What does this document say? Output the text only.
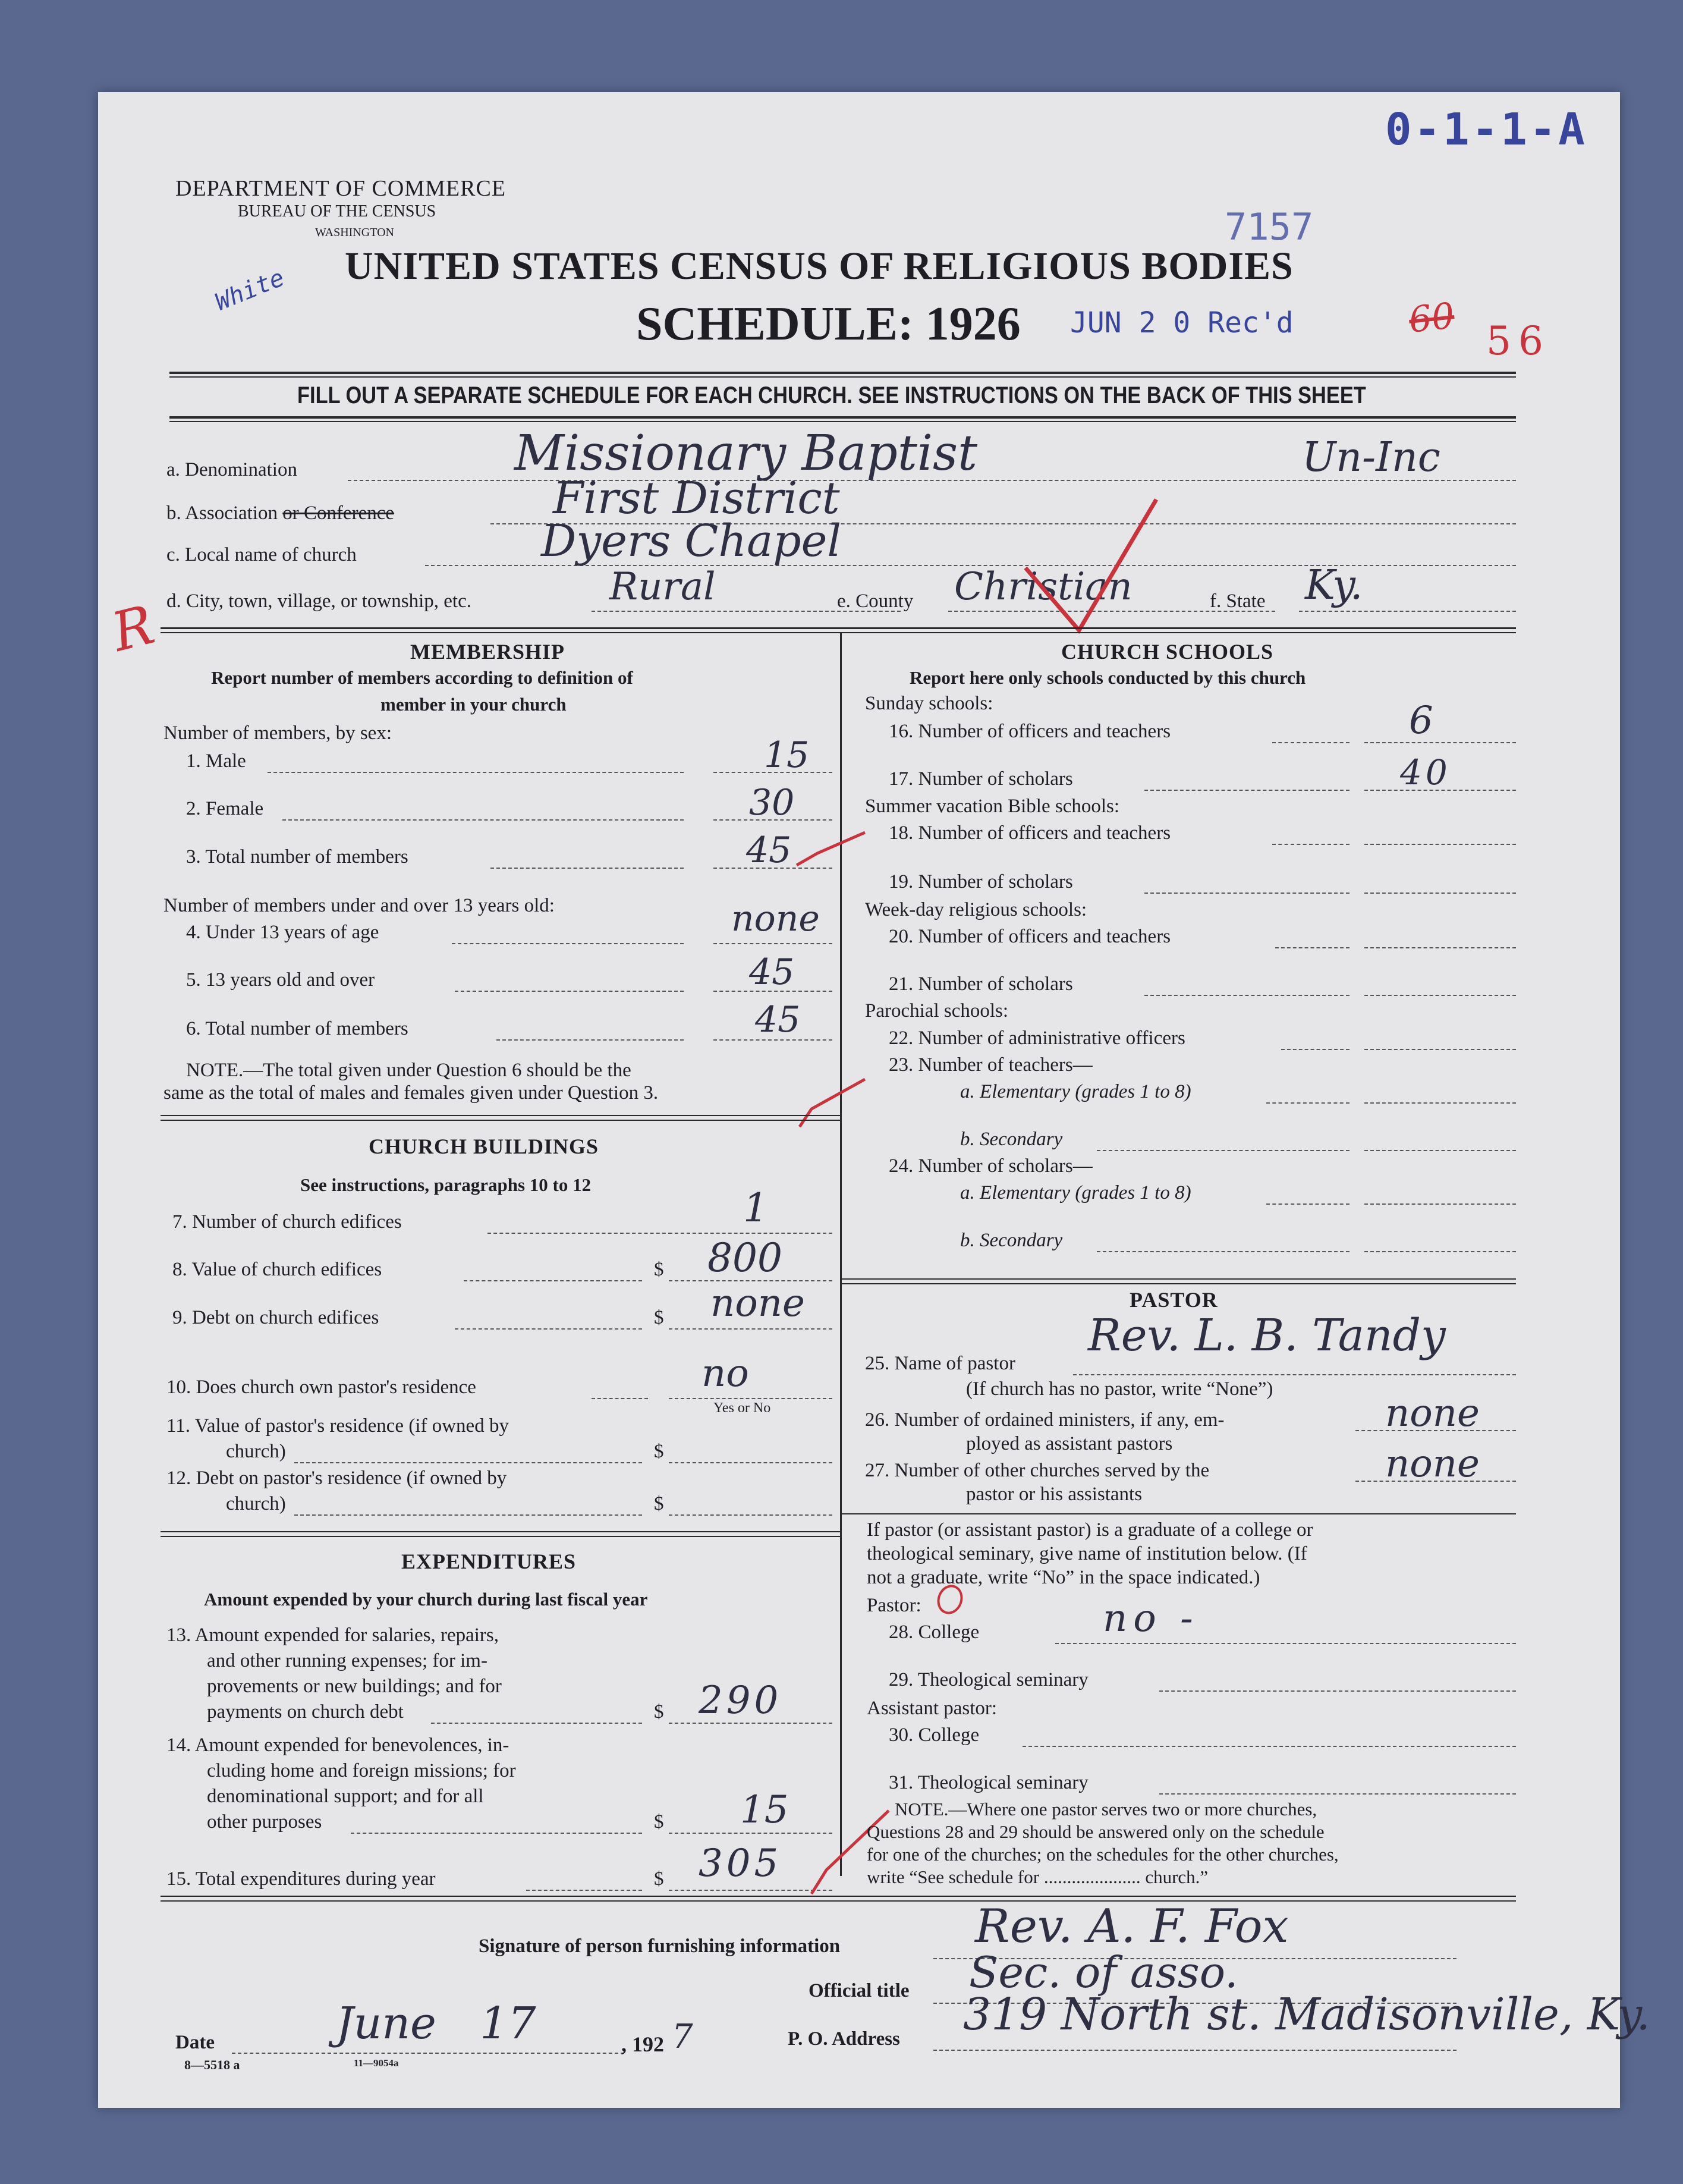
0-1-1-A
DEPARTMENT OF COMMERCE
BUREAU OF THE CENSUS
WASHINGTON	7157
White UNITED STATES CENSUS OF RELIGIOUS BODIES
SCHEDULE: 1926 JUN 2 0 Rec'd	60 56
FILL OUT A SEPARATE SCHEDULE FOR EACH CHURCH. SEE INSTRUCTIONS ON THE BACK OF THIS SHEET
a. Denomination	Missionary Baptist	Un-Inc
b. Association or Conference	First District
c. Local name of church	Dyers Chapel
d. City, town, village, or township, etc.	Rural	e. County Christian	f. State Ky.
R	MEMBERSHIP
Report number of members according to definition of
member in your church
Number of members, by sex:
1. Male	15
2. Female	30
3. Total number of members	45
Number of members under and over 13 years old:
4. Under 13 years of age	none
5. 13 years old and over	45
6. Total number of members	45
NOTE.—The total given under Question 6 should be the
same as the total of males and females given under Question 3.
CHURCH BUILDINGS
See instructions, paragraphs 10 to 12
7. Number of church edifices	1
8. Value of church edifices	$ 800
9. Debt on church edifices	$ none
10. Does church own pastor's residence	no
Yes or No
11. Value of pastor's residence (if owned by
church)	$
12. Debt on pastor's residence (if owned by
church)	$
EXPENDITURES
Amount expended by your church during last fiscal year
13. Amount expended for salaries, repairs,
and other running expenses; for im-
provements or new buildings; and for
payments on church debt	$ 290
14. Amount expended for benevolences, in-
cluding home and foreign missions; for
denominational support; and for all
other purposes	$ 15
15. Total expenditures during year	$ 305
CHURCH SCHOOLS
Report here only schools conducted by this church
Sunday schools:
16. Number of officers and teachers	6
17. Number of scholars	40
Summer vacation Bible schools:
18. Number of officers and teachers
19. Number of scholars
Week-day religious schools:
20. Number of officers and teachers
21. Number of scholars
Parochial schools:
22. Number of administrative officers
23. Number of teachers—
a. Elementary (grades 1 to 8)
b. Secondary
24. Number of scholars—
a. Elementary (grades 1 to 8)
b. Secondary
PASTOR
25. Name of pastor
Rev. L. B. Tandy
(If church has no pastor, write “None”)
26. Number of ordained ministers, if any, em-
ployed as assistant pastors
none
27. Number of other churches served by the
pastor or his assistants
none
If pastor (or assistant pastor) is a graduate of a college or
theological seminary, give name of institution below. (If
not a graduate, write “No” in the space indicated.)
Pastor:
28. College	no -
29. Theological seminary
Assistant pastor:
30. College
31. Theological seminary
NOTE.—Where one pastor serves two or more churches,
Questions 28 and 29 should be answered only on the schedule
for one of the churches; on the schedules for the other churches,
write “See schedule for ..................... church.”
Signature of person furnishing information	Rev. A. F. Fox
Official title Sec. of asso.
Date	June 17	, 192 7	P. O. Address 319 North st. Madisonville, Ky.
8—5518 a	11—9054a
